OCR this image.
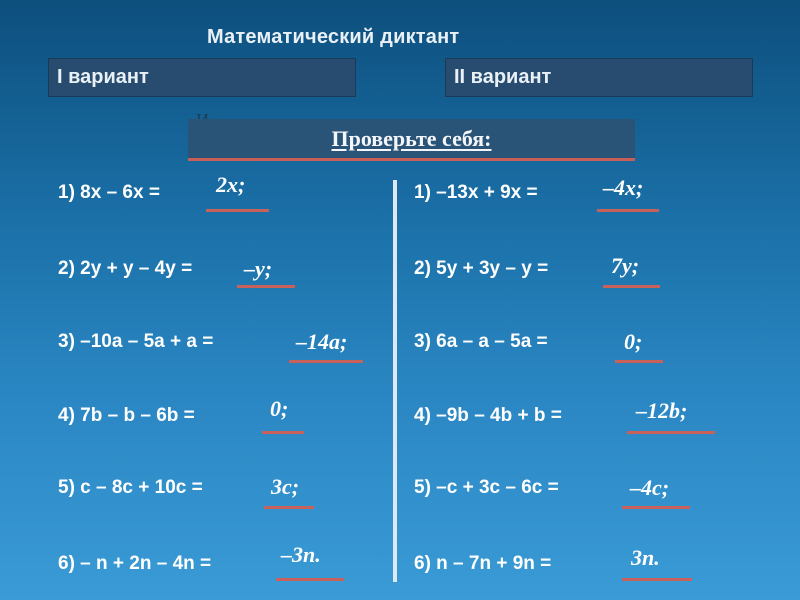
Математический диктант
I вариант	II вариант
Проверьте себя:
1) 8x – 6x =	2x;
2) 2y + y – 4y = –y;
3) –10a – 5a + a =	–14a;
4) 7b – b – 6b =	0;
5) c – 8c + 10c =	3c;
6) – n + 2n – 4n =	–3n.
1) –13x + 9x =	–4x;
2) 5y + 3y – y =	7y;
3) 6a – a – 5a =	0;
4) –9b – 4b + b =	–12b;
5) –c + 3c – 6c =	–4c;
6) n – 7n + 9n =	3n.
